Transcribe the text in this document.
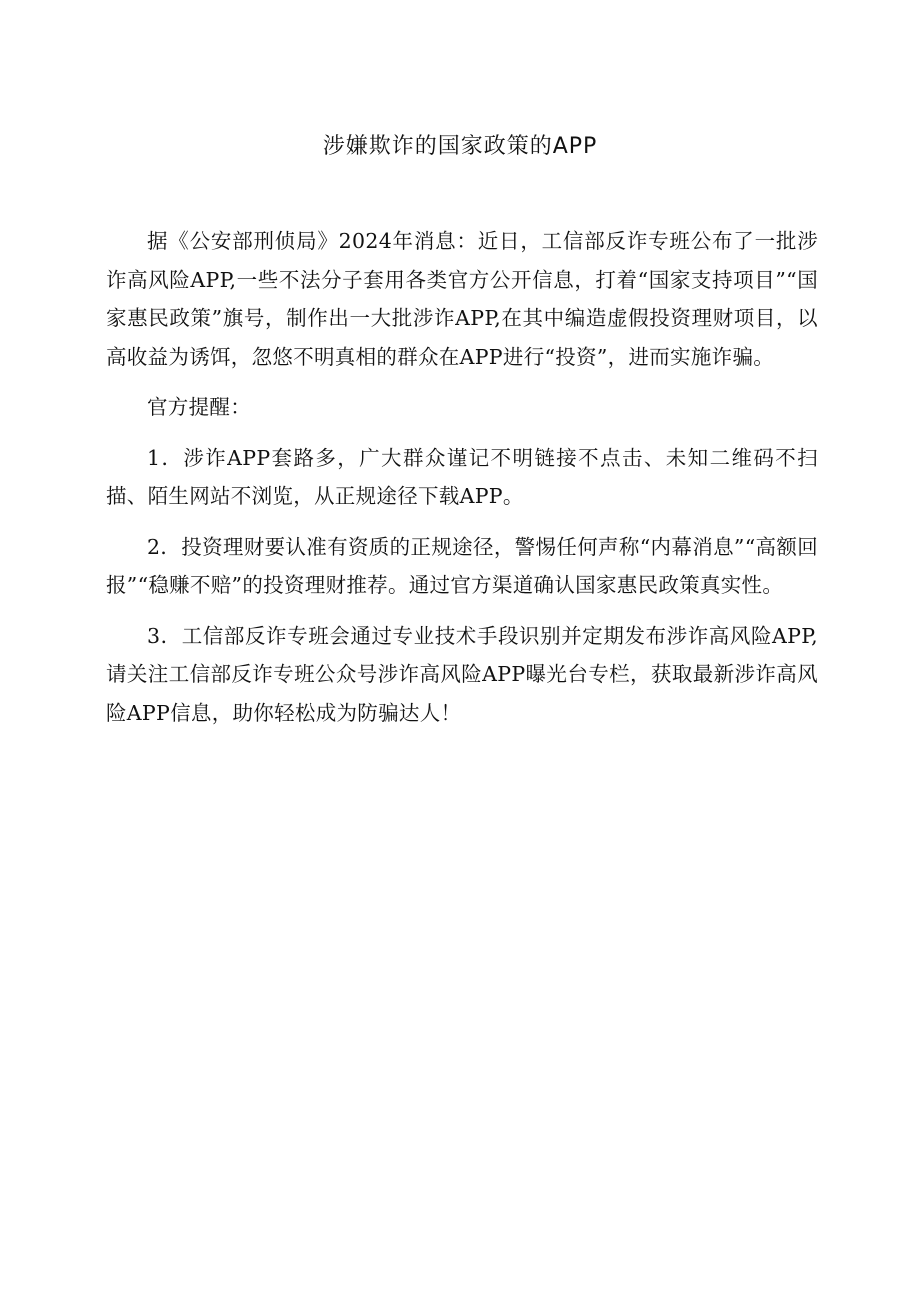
涉嫌欺诈的国家政策的APP

据《公安部刑侦局》2024年消息：近日，工信部反诈专班公布了一批涉诈高风险APP,一些不法分子套用各类官方公开信息，打着“国家支持项目”“国家惠民政策”旗号，制作出一大批涉诈APP,在其中编造虚假投资理财项目，以高收益为诱饵，忽悠不明真相的群众在APP进行“投资”，进而实施诈骗。

官方提醒：

1．涉诈APP套路多，广大群众谨记不明链接不点击、未知二维码不扫描、陌生网站不浏览，从正规途径下载APP。

2．投资理财要认准有资质的正规途径，警惕任何声称“内幕消息”“高额回报”“稳赚不赔”的投资理财推荐。通过官方渠道确认国家惠民政策真实性。

3．工信部反诈专班会通过专业技术手段识别并定期发布涉诈高风险APP,请关注工信部反诈专班公众号涉诈高风险APP曝光台专栏，获取最新涉诈高风险APP信息，助你轻松成为防骗达人！
